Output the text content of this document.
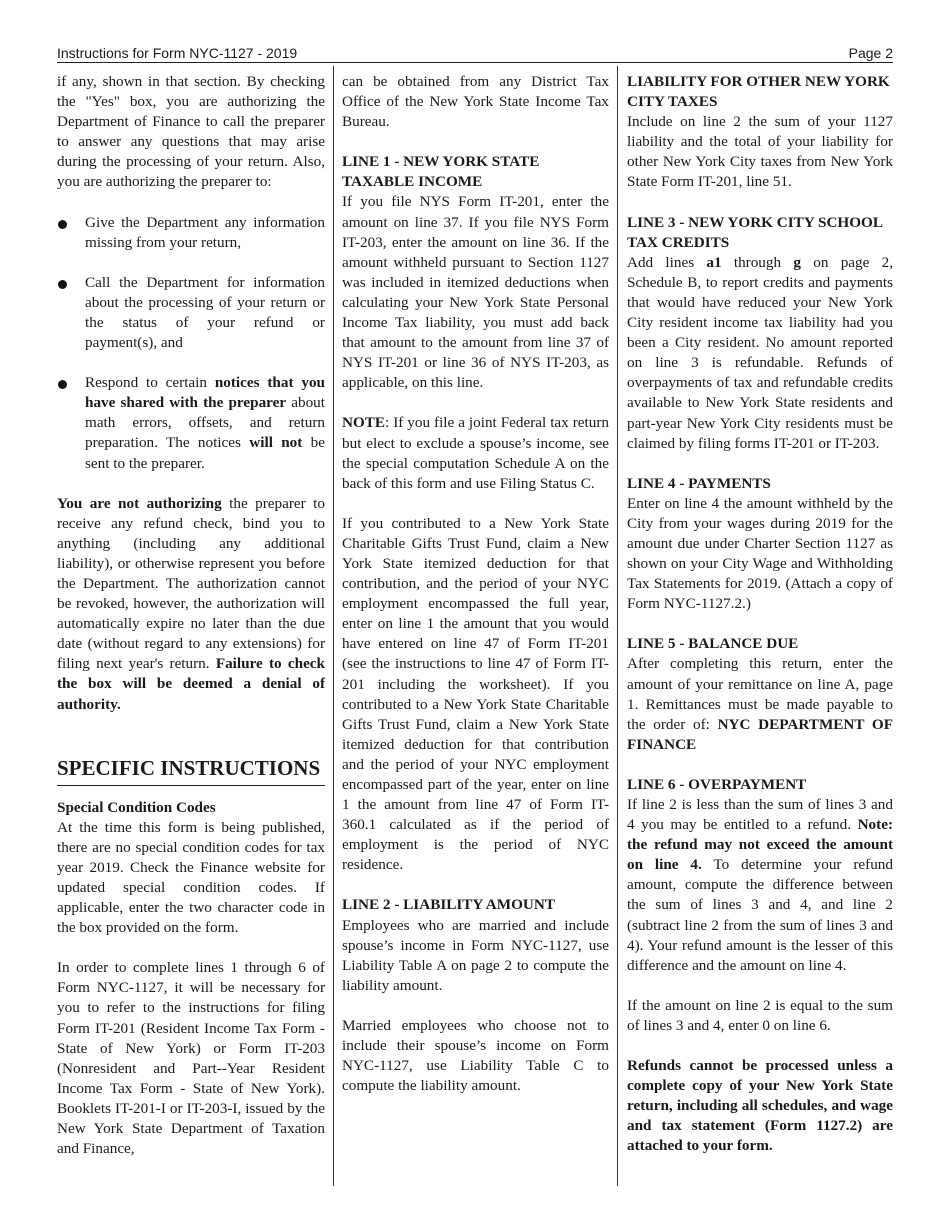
Instructions for Form NYC-1127 - 2019	Page 2

if any, shown in that section. By checking the "Yes" box, you are authorizing the Department of Finance to call the preparer to answer any questions that may arise during the processing of your return. Also, you are authorizing the preparer to:

Give the Department any information missing from your return,
Call the Department for information about the processing of your return or the status of your refund or payment(s), and
Respond to certain notices that you have shared with the preparer about math errors, offsets, and return preparation. The notices will not be sent to the preparer.

You are not authorizing the preparer to receive any refund check, bind you to anything (including any additional liability), or otherwise represent you before the Department. The authorization cannot be revoked, however, the authorization will automatically expire no later than the due date (without regard to any extensions) for filing next year's return. Failure to check the box will be deemed a denial of authority.

SPECIFIC INSTRUCTIONS

Special Condition Codes

At the time this form is being published, there are no special condition codes for tax year 2019. Check the Finance website for updated special condition codes. If applicable, enter the two character code in the box provided on the form.

In order to complete lines 1 through 6 of Form NYC-1127, it will be necessary for you to refer to the instructions for filing Form IT-201 (Resident Income Tax Form - State of New York) or Form IT-203 (Nonresident and Part--Year Resident Income Tax Form - State of New York). Booklets IT-201-I or IT-203-I, issued by the New York State Department of Taxation and Finance,

can be obtained from any District Tax Office of the New York State Income Tax Bureau.

LINE 1 - NEW YORK STATE TAXABLE INCOME

If you file NYS Form IT-201, enter the amount on line 37. If you file NYS Form IT-203, enter the amount on line 36. If the amount withheld pursuant to Section 1127 was included in itemized deductions when calculating your New York State Personal Income Tax liability, you must add back that amount to the amount from line 37 of NYS IT-201 or line 36 of NYS IT-203, as applicable, on this line.

NOTE: If you file a joint Federal tax return but elect to exclude a spouse’s income, see the special computation Schedule A on the back of this form and use Filing Status C.

If you contributed to a New York State Charitable Gifts Trust Fund, claim a New York State itemized deduction for that contribution, and the period of your NYC employment encompassed the full year, enter on line 1 the amount that you would have entered on line 47 of Form IT-201 (see the instructions to line 47 of Form IT-201 including the worksheet). If you contributed to a New York State Charitable Gifts Trust Fund, claim a New York State itemized deduction for that contribution and the period of your NYC employment encompassed part of the year, enter on line 1 the amount from line 47 of Form IT-360.1 calculated as if the period of employment is the period of NYC residence.

LINE 2 - LIABILITY AMOUNT

Employees who are married and include spouse’s income in Form NYC-1127, use Liability Table A on page 2 to compute the liability amount.

Married employees who choose not to include their spouse’s income on Form NYC-1127, use Liability Table C to compute the liability amount.

LIABILITY FOR OTHER NEW YORK CITY TAXES

Include on line 2 the sum of your 1127 liability and the total of your liability for other New York City taxes from New York State Form IT-201, line 51.

LINE 3 - NEW YORK CITY SCHOOL TAX CREDITS

Add lines a1 through g on page 2, Schedule B, to report credits and payments that would have reduced your New York City resident income tax liability had you been a City resident. No amount reported on line 3 is refundable. Refunds of overpayments of tax and refundable credits available to New York State residents and part-year New York City residents must be claimed by filing forms IT-201 or IT-203.

LINE 4 - PAYMENTS

Enter on line 4 the amount withheld by the City from your wages during 2019 for the amount due under Charter Section 1127 as shown on your City Wage and Withholding Tax Statements for 2019. (Attach a copy of Form NYC-1127.2.)

LINE 5 - BALANCE DUE

After completing this return, enter the amount of your remittance on line A, page 1. Remittances must be made payable to the order of: NYC DEPARTMENT OF FINANCE

LINE 6 - OVERPAYMENT

If line 2 is less than the sum of lines 3 and 4 you may be entitled to a refund. Note: the refund may not exceed the amount on line 4. To determine your refund amount, compute the difference between the sum of lines 3 and 4, and line 2 (subtract line 2 from the sum of lines 3 and 4). Your refund amount is the lesser of this difference and the amount on line 4.

If the amount on line 2 is equal to the sum of lines 3 and 4, enter 0 on line 6.

Refunds cannot be processed unless a complete copy of your New York State return, including all schedules, and wage and tax statement (Form 1127.2) are attached to your form.
